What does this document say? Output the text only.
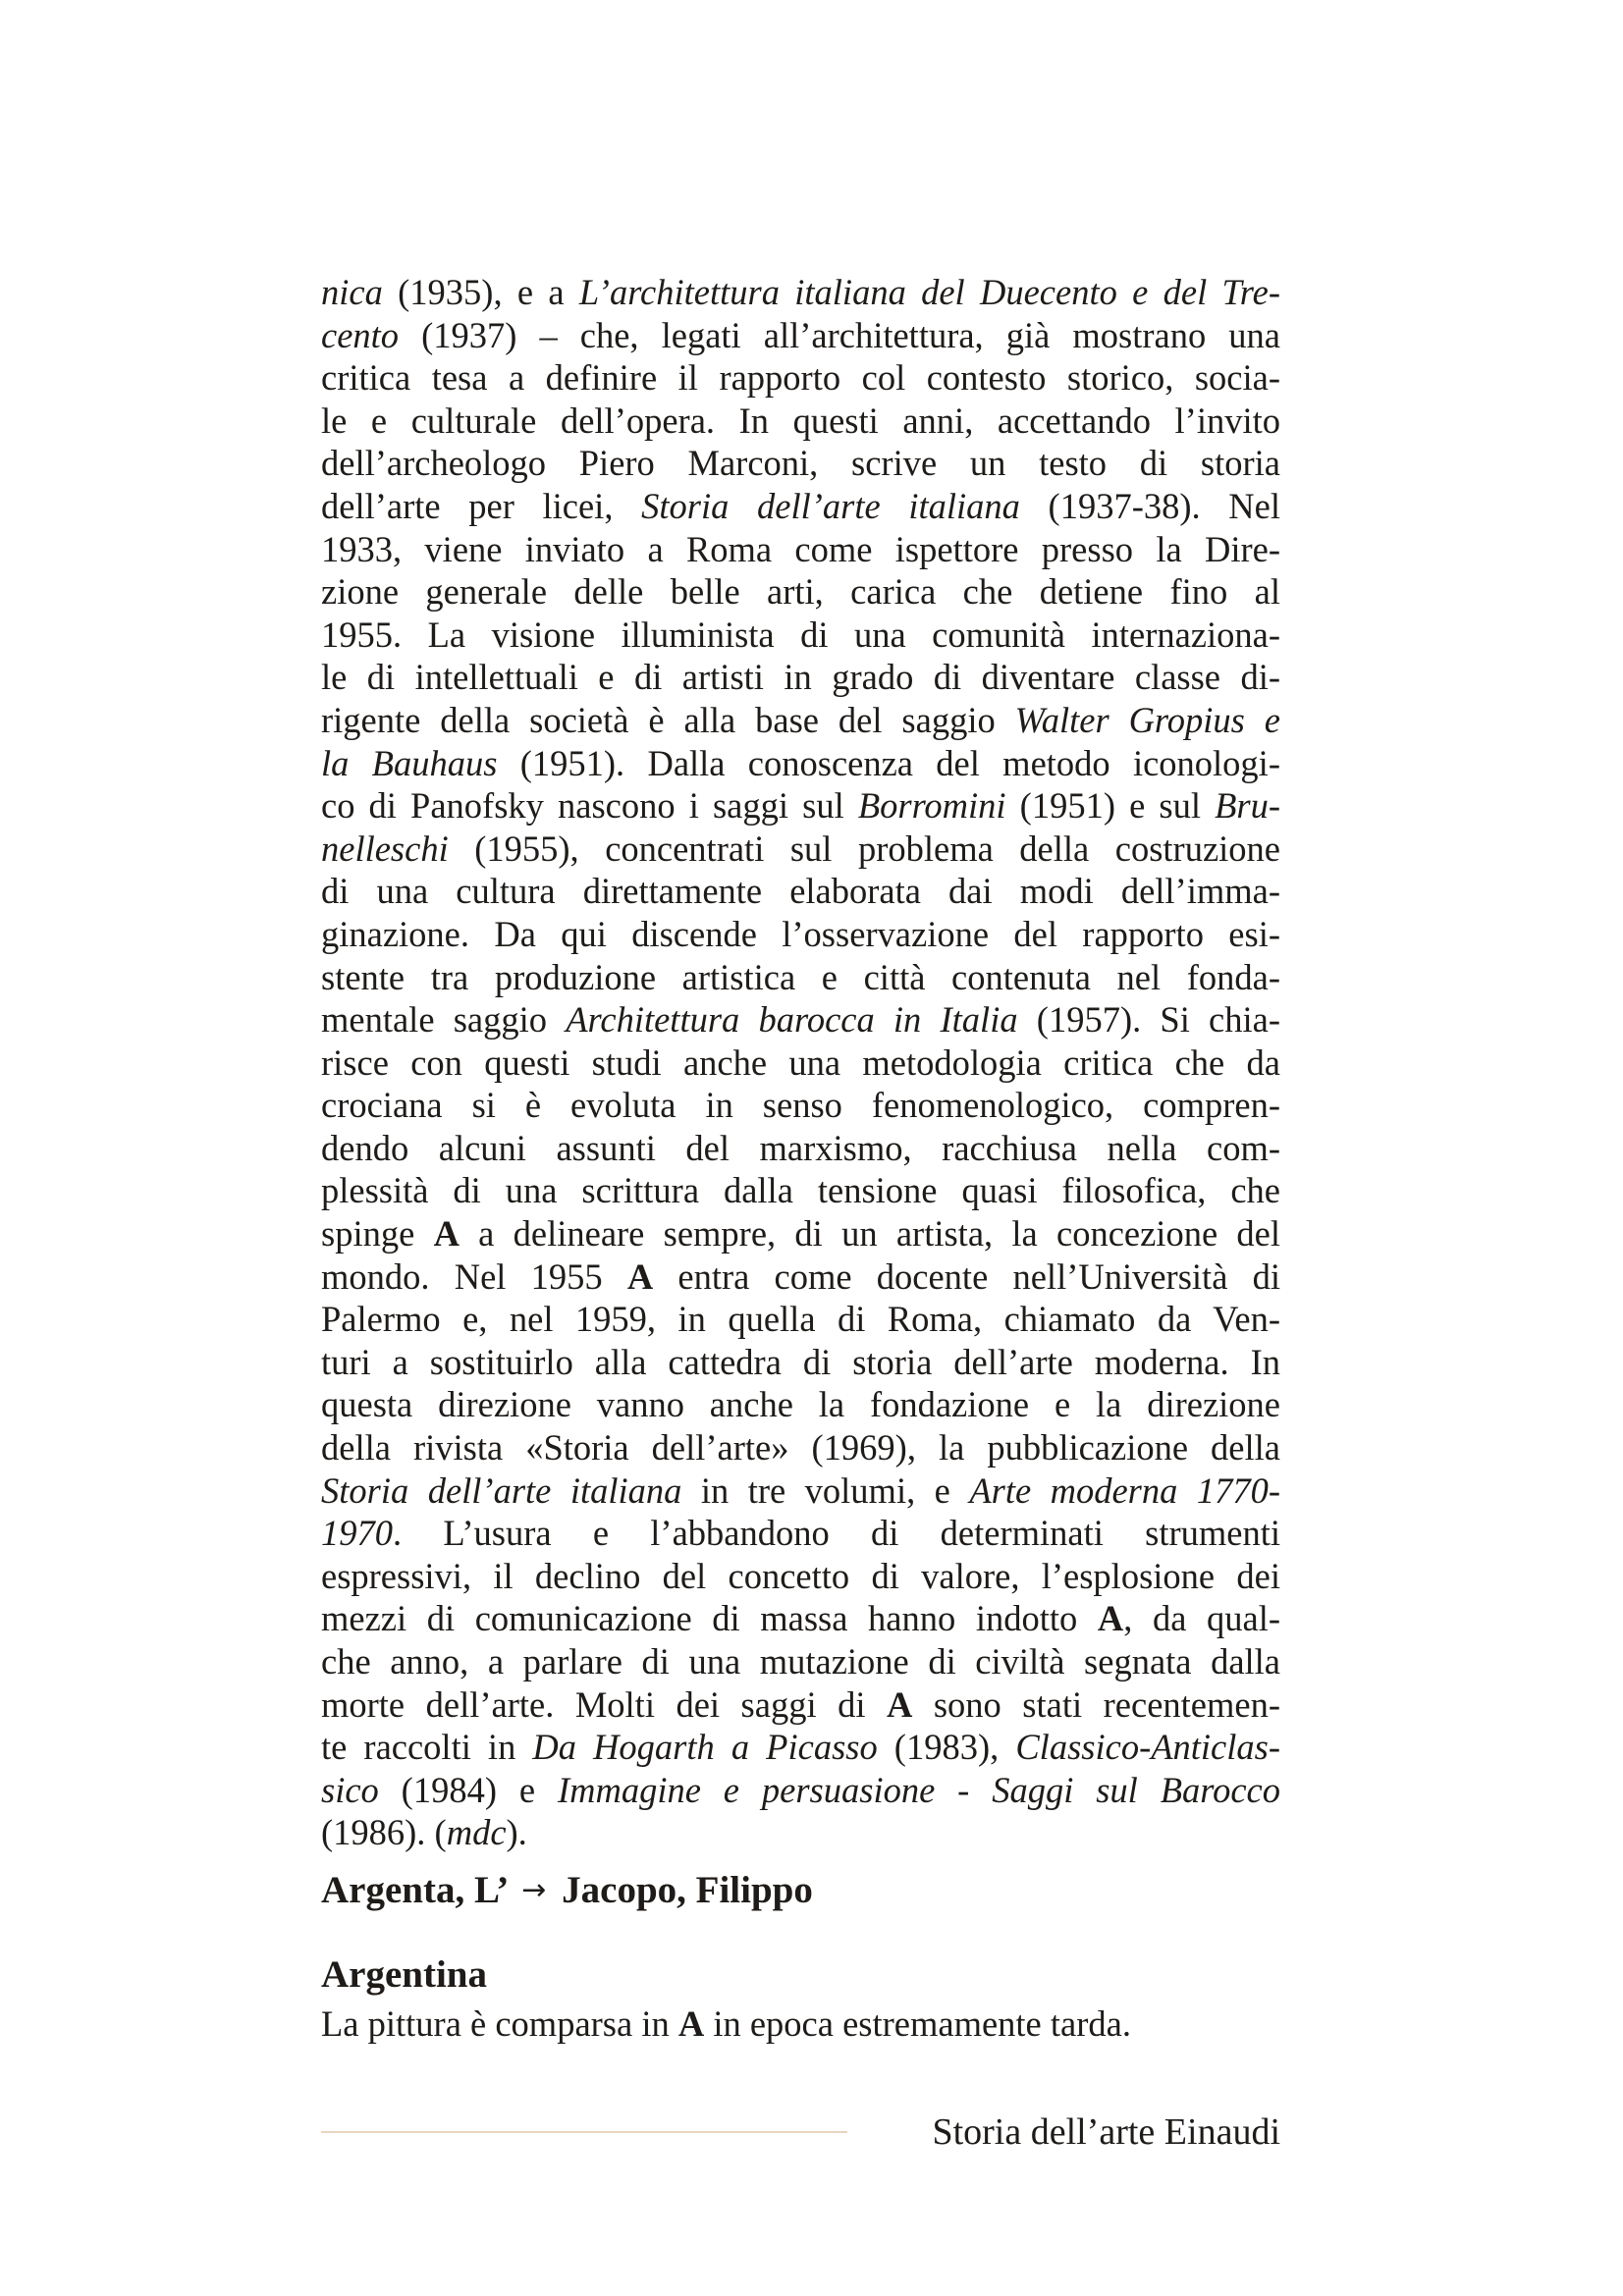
nica (1935), e a L’architettura italiana del Duecento e del Tre-
cento (1937) – che, legati all’architettura, già mostrano una
critica tesa a definire il rapporto col contesto storico, socia-
le e culturale dell’opera. In questi anni, accettando l’invito
dell’archeologo Piero Marconi, scrive un testo di storia
dell’arte per licei, Storia dell’arte italiana (1937-38). Nel
1933, viene inviato a Roma come ispettore presso la Dire-
zione generale delle belle arti, carica che detiene fino al
1955. La visione illuminista di una comunità internaziona-
le di intellettuali e di artisti in grado di diventare classe di-
rigente della società è alla base del saggio Walter Gropius e
la Bauhaus (1951). Dalla conoscenza del metodo iconologi-
co di Panofsky nascono i saggi sul Borromini (1951) e sul Bru-
nelleschi (1955), concentrati sul problema della costruzione
di una cultura direttamente elaborata dai modi dell’imma-
ginazione. Da qui discende l’osservazione del rapporto esi-
stente tra produzione artistica e città contenuta nel fonda-
mentale saggio Architettura barocca in Italia (1957). Si chia-
risce con questi studi anche una metodologia critica che da
crociana si è evoluta in senso fenomenologico, compren-
dendo alcuni assunti del marxismo, racchiusa nella com-
plessità di una scrittura dalla tensione quasi filosofica, che
spinge A a delineare sempre, di un artista, la concezione del
mondo. Nel 1955 A entra come docente nell’Università di
Palermo e, nel 1959, in quella di Roma, chiamato da Ven-
turi a sostituirlo alla cattedra di storia dell’arte moderna. In
questa direzione vanno anche la fondazione e la direzione
della rivista «Storia dell’arte» (1969), la pubblicazione della
Storia dell’arte italiana in tre volumi, e Arte moderna 1770-
1970. L’usura e l’abbandono di determinati strumenti
espressivi, il declino del concetto di valore, l’esplosione dei
mezzi di comunicazione di massa hanno indotto A, da qual-
che anno, a parlare di una mutazione di civiltà segnata dalla
morte dell’arte. Molti dei saggi di A sono stati recentemen-
te raccolti in Da Hogarth a Picasso (1983), Classico-Anticlas-
sico (1984) e Immagine e persuasione - Saggi sul Barocco
(1986). (mdc).

Argenta, L’ → Jacopo, Filippo
Argentina
La pittura è comparsa in A in epoca estremamente tarda.
Storia dell’arte Einaudi
